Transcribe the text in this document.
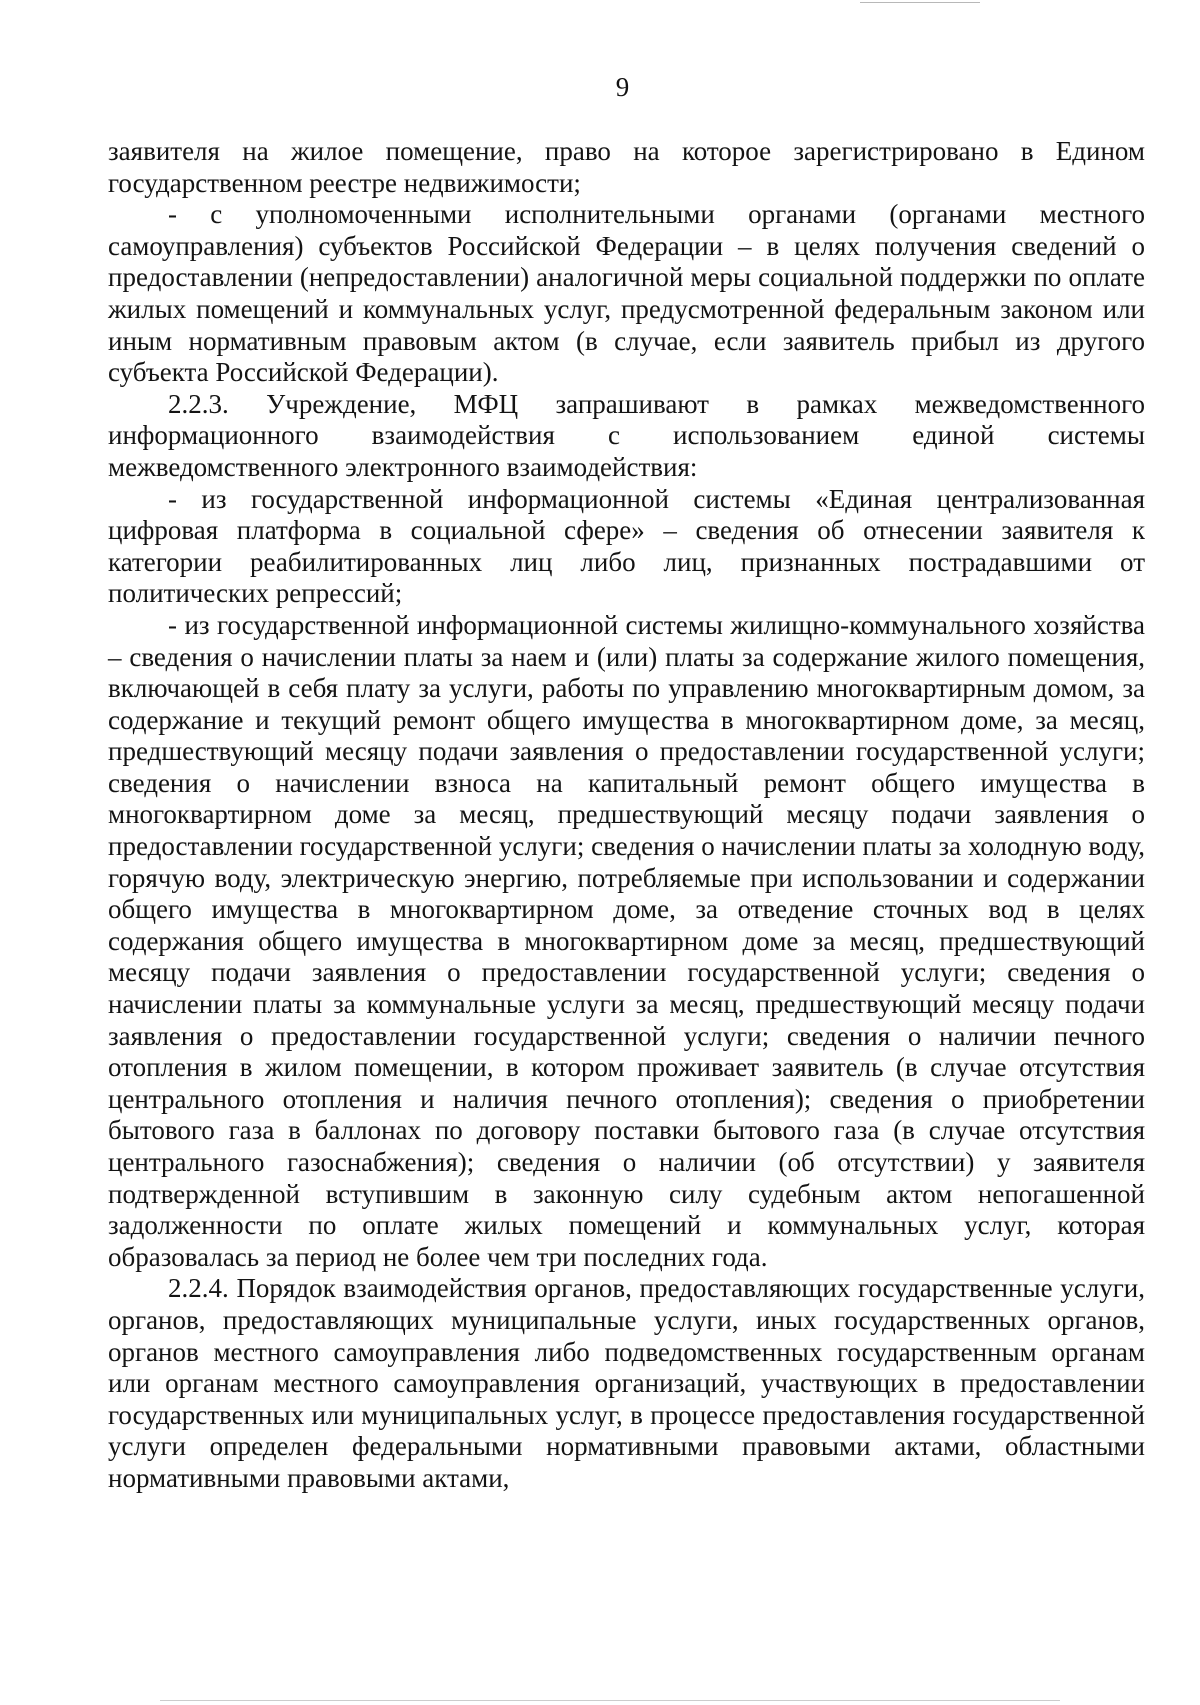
9

заявителя на жилое помещение, право на которое зарегистрировано в Едином государственном реестре недвижимости;

- с уполномоченными исполнительными органами (органами местного самоуправления) субъектов Российской Федерации – в целях получения сведений о предоставлении (непредоставлении) аналогичной меры социальной поддержки по оплате жилых помещений и коммунальных услуг, предусмотренной федеральным законом или иным нормативным правовым актом (в случае, если заявитель прибыл из другого субъекта Российской Федерации).

2.2.3. Учреждение, МФЦ запрашивают в рамках межведомственного информационного взаимодействия с использованием единой системы межведомственного электронного взаимодействия:

- из государственной информационной системы «Единая централизованная цифровая платформа в социальной сфере» – сведения об отнесении заявителя к категории реабилитированных лиц либо лиц, признанных пострадавшими от политических репрессий;

- из государственной информационной системы жилищно-коммунального хозяйства – сведения о начислении платы за наем и (или) платы за содержание жилого помещения, включающей в себя плату за услуги, работы по управлению многоквартирным домом, за содержание и текущий ремонт общего имущества в многоквартирном доме, за месяц, предшествующий месяцу подачи заявления о предоставлении государственной услуги; сведения о начислении взноса на капитальный ремонт общего имущества в многоквартирном доме за месяц, предшествующий месяцу подачи заявления о предоставлении государственной услуги; сведения о начислении платы за холодную воду, горячую воду, электрическую энергию, потребляемые при использовании и содержании общего имущества в многоквартирном доме, за отведение сточных вод в целях содержания общего имущества в многоквартирном доме за месяц, предшествующий месяцу подачи заявления о предоставлении государственной услуги; сведения о начислении платы за коммунальные услуги за месяц, предшествующий месяцу подачи заявления о предоставлении государственной услуги; сведения о наличии печного отопления в жилом помещении, в котором проживает заявитель (в случае отсутствия центрального отопления и наличия печного отопления); сведения о приобретении бытового газа в баллонах по договору поставки бытового газа (в случае отсутствия центрального газоснабжения); сведения о наличии (об отсутствии) у заявителя подтвержденной вступившим в законную силу судебным актом непогашенной задолженности по оплате жилых помещений и коммунальных услуг, которая образовалась за период не более чем три последних года.

2.2.4. Порядок взаимодействия органов, предоставляющих государственные услуги, органов, предоставляющих муниципальные услуги, иных государственных органов, органов местного самоуправления либо подведомственных государственным органам или органам местного самоуправления организаций, участвующих в предоставлении государственных или муниципальных услуг, в процессе предоставления государственной услуги определен федеральными нормативными правовыми актами, областными нормативными правовыми актами,
